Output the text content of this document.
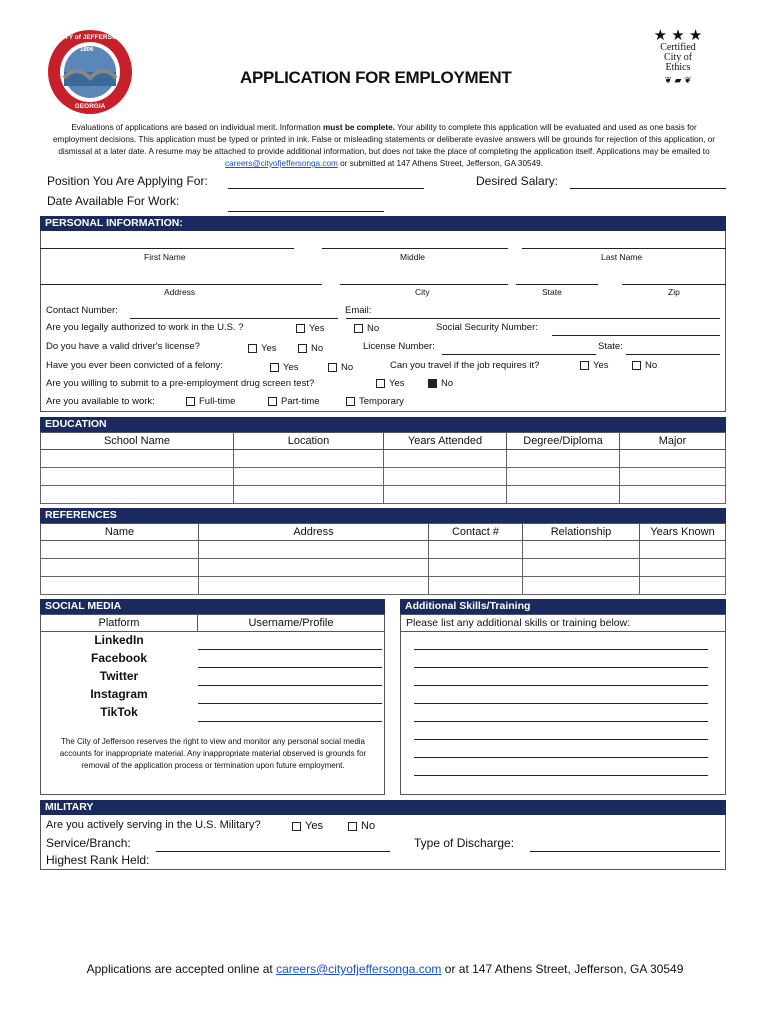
CITY of JEFFERSON
1806
GEORGIA
APPLICATION FOR EMPLOYMENT
★ ★ ★
Certified
City of
Ethics
❦ ▰ ❦
Evaluations of applications are based on individual merit. Information must be complete. Your ability to complete this application will be evaluated and used as one basis for employment decisions. This application must be typed or printed in ink. False or misleading statements or deliberate evasive answers will be grounds for rejection of this application, or dismissal at a later date. A resume may be attached to provide additional information, but does not take the place of completing the application itself. Applications may be emailed to careers@cityofjeffersonga.com or submitted at 147 Athens Street, Jefferson, GA 30549.
Position You Are Applying For:	Desired Salary:
Date Available For Work:
PERSONAL INFORMATION:
First Name	Middle	Last Name
Address	City	State	Zip
Contact Number:	Email:
Are you legally authorized to work in the U.S. ?	Yes	No	Social Security Number:
Do you have a valid driver's license?	Yes	No	License Number:	State:
Have you ever been convicted of a felony:	Yes	No	Can you travel if the job requires it?	Yes	No
Are you willing to submit to a pre-employment drug screen test?	Yes	No
Are you available to work:	Full-time	Part-time	Temporary
EDUCATION
School Name	Location	Years Attended	Degree/Diploma	Major

REFERENCES
Name	Address	Contact #	Relationship	Years Known

SOCIAL MEDIA
Platform	Username/Profile
LinkedIn
Facebook
Twitter
Instagram
TikTok
The City of Jefferson reserves the right to view and monitor any personal social media accounts for inappropriate material. Any inappropriate material observed is grounds for removal of the application process or termination upon future employment.
Additional Skills/Training
Please list any additional skills or training below:
MILITARY
Are you actively serving in the U.S. Military?	Yes	No
Service/Branch:	Type of Discharge:
Highest Rank Held:
Applications are accepted online at careers@cityofjeffersonga.com or at 147 Athens Street, Jefferson, GA 30549
